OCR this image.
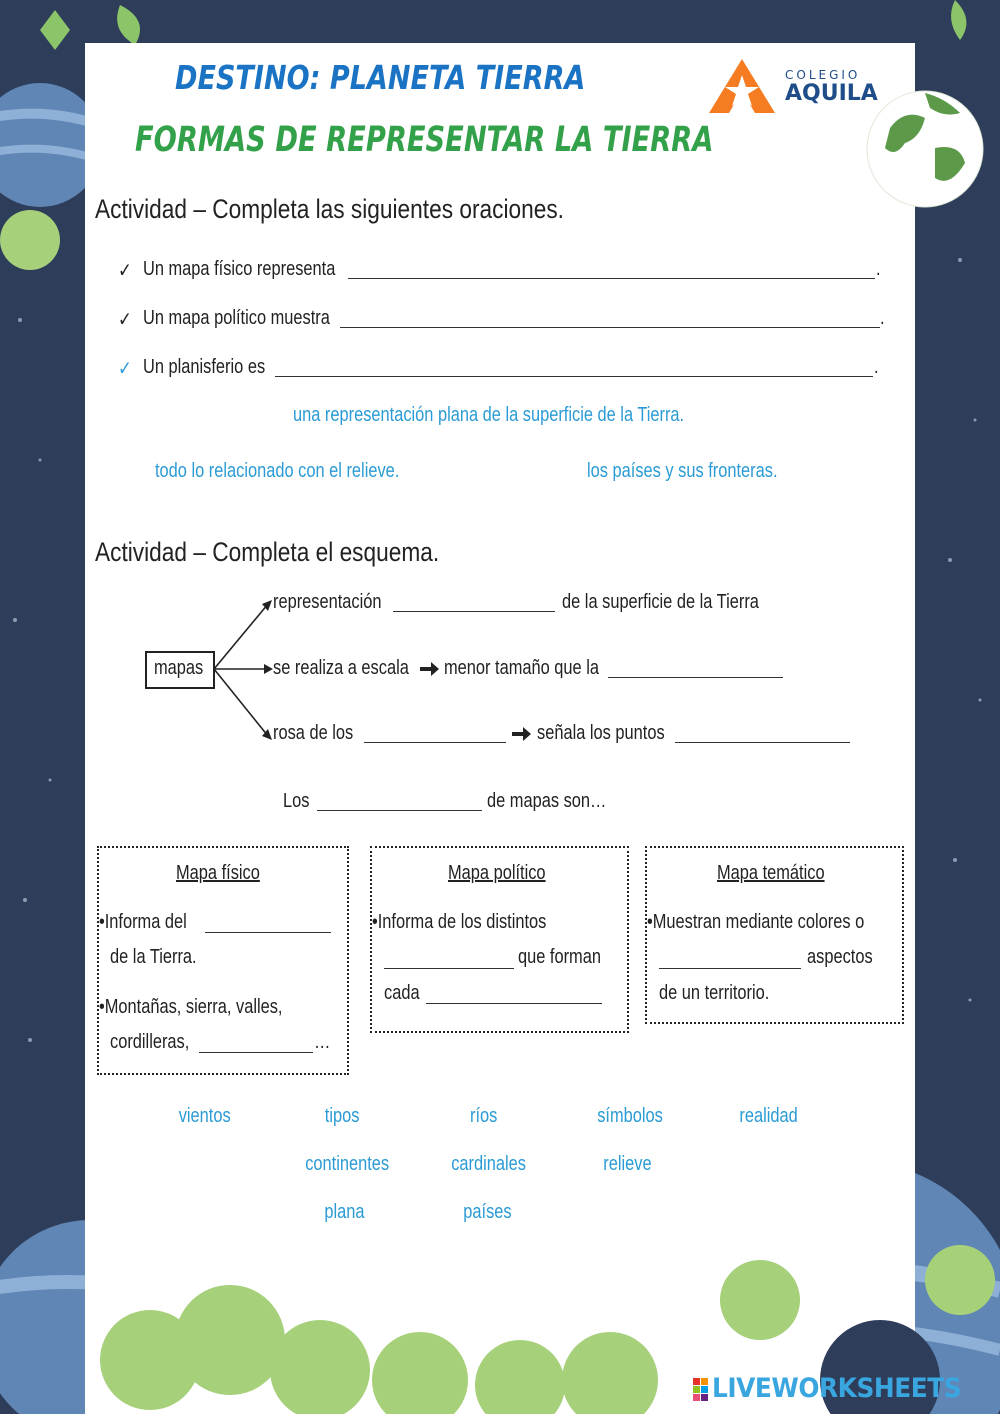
DESTINO: PLANETA TIERRA
FORMAS DE REPRESENTAR LA TIERRA
COLEGIO
AQUILA
Actividad – Completa las siguientes oraciones.
✓ Un mapa físico representa	.
✓ Un mapa político muestra	.
✓ Un planisferio es	.
una representación plana de la superficie de la Tierra.
todo lo relacionado con el relieve.	los países y sus fronteras.
Actividad – Completa el esquema.
mapas
representación	de la superficie de la Tierra
se realiza a escala menor tamaño que la
rosa de los	señala los puntos
Los	de mapas son…
Mapa físico
•Informa del
de la Tierra.
•Montañas, sierra, valles,
cordilleras,	…
Mapa político
•Informa de los distintos
que forman
cada
Mapa temático
•Muestran mediante colores o
aspectos
de un territorio.
vientos	tipos	ríos	símbolos	realidad
continentes	cardinales	relieve
plana	países
LIVEWORKSHEETS
